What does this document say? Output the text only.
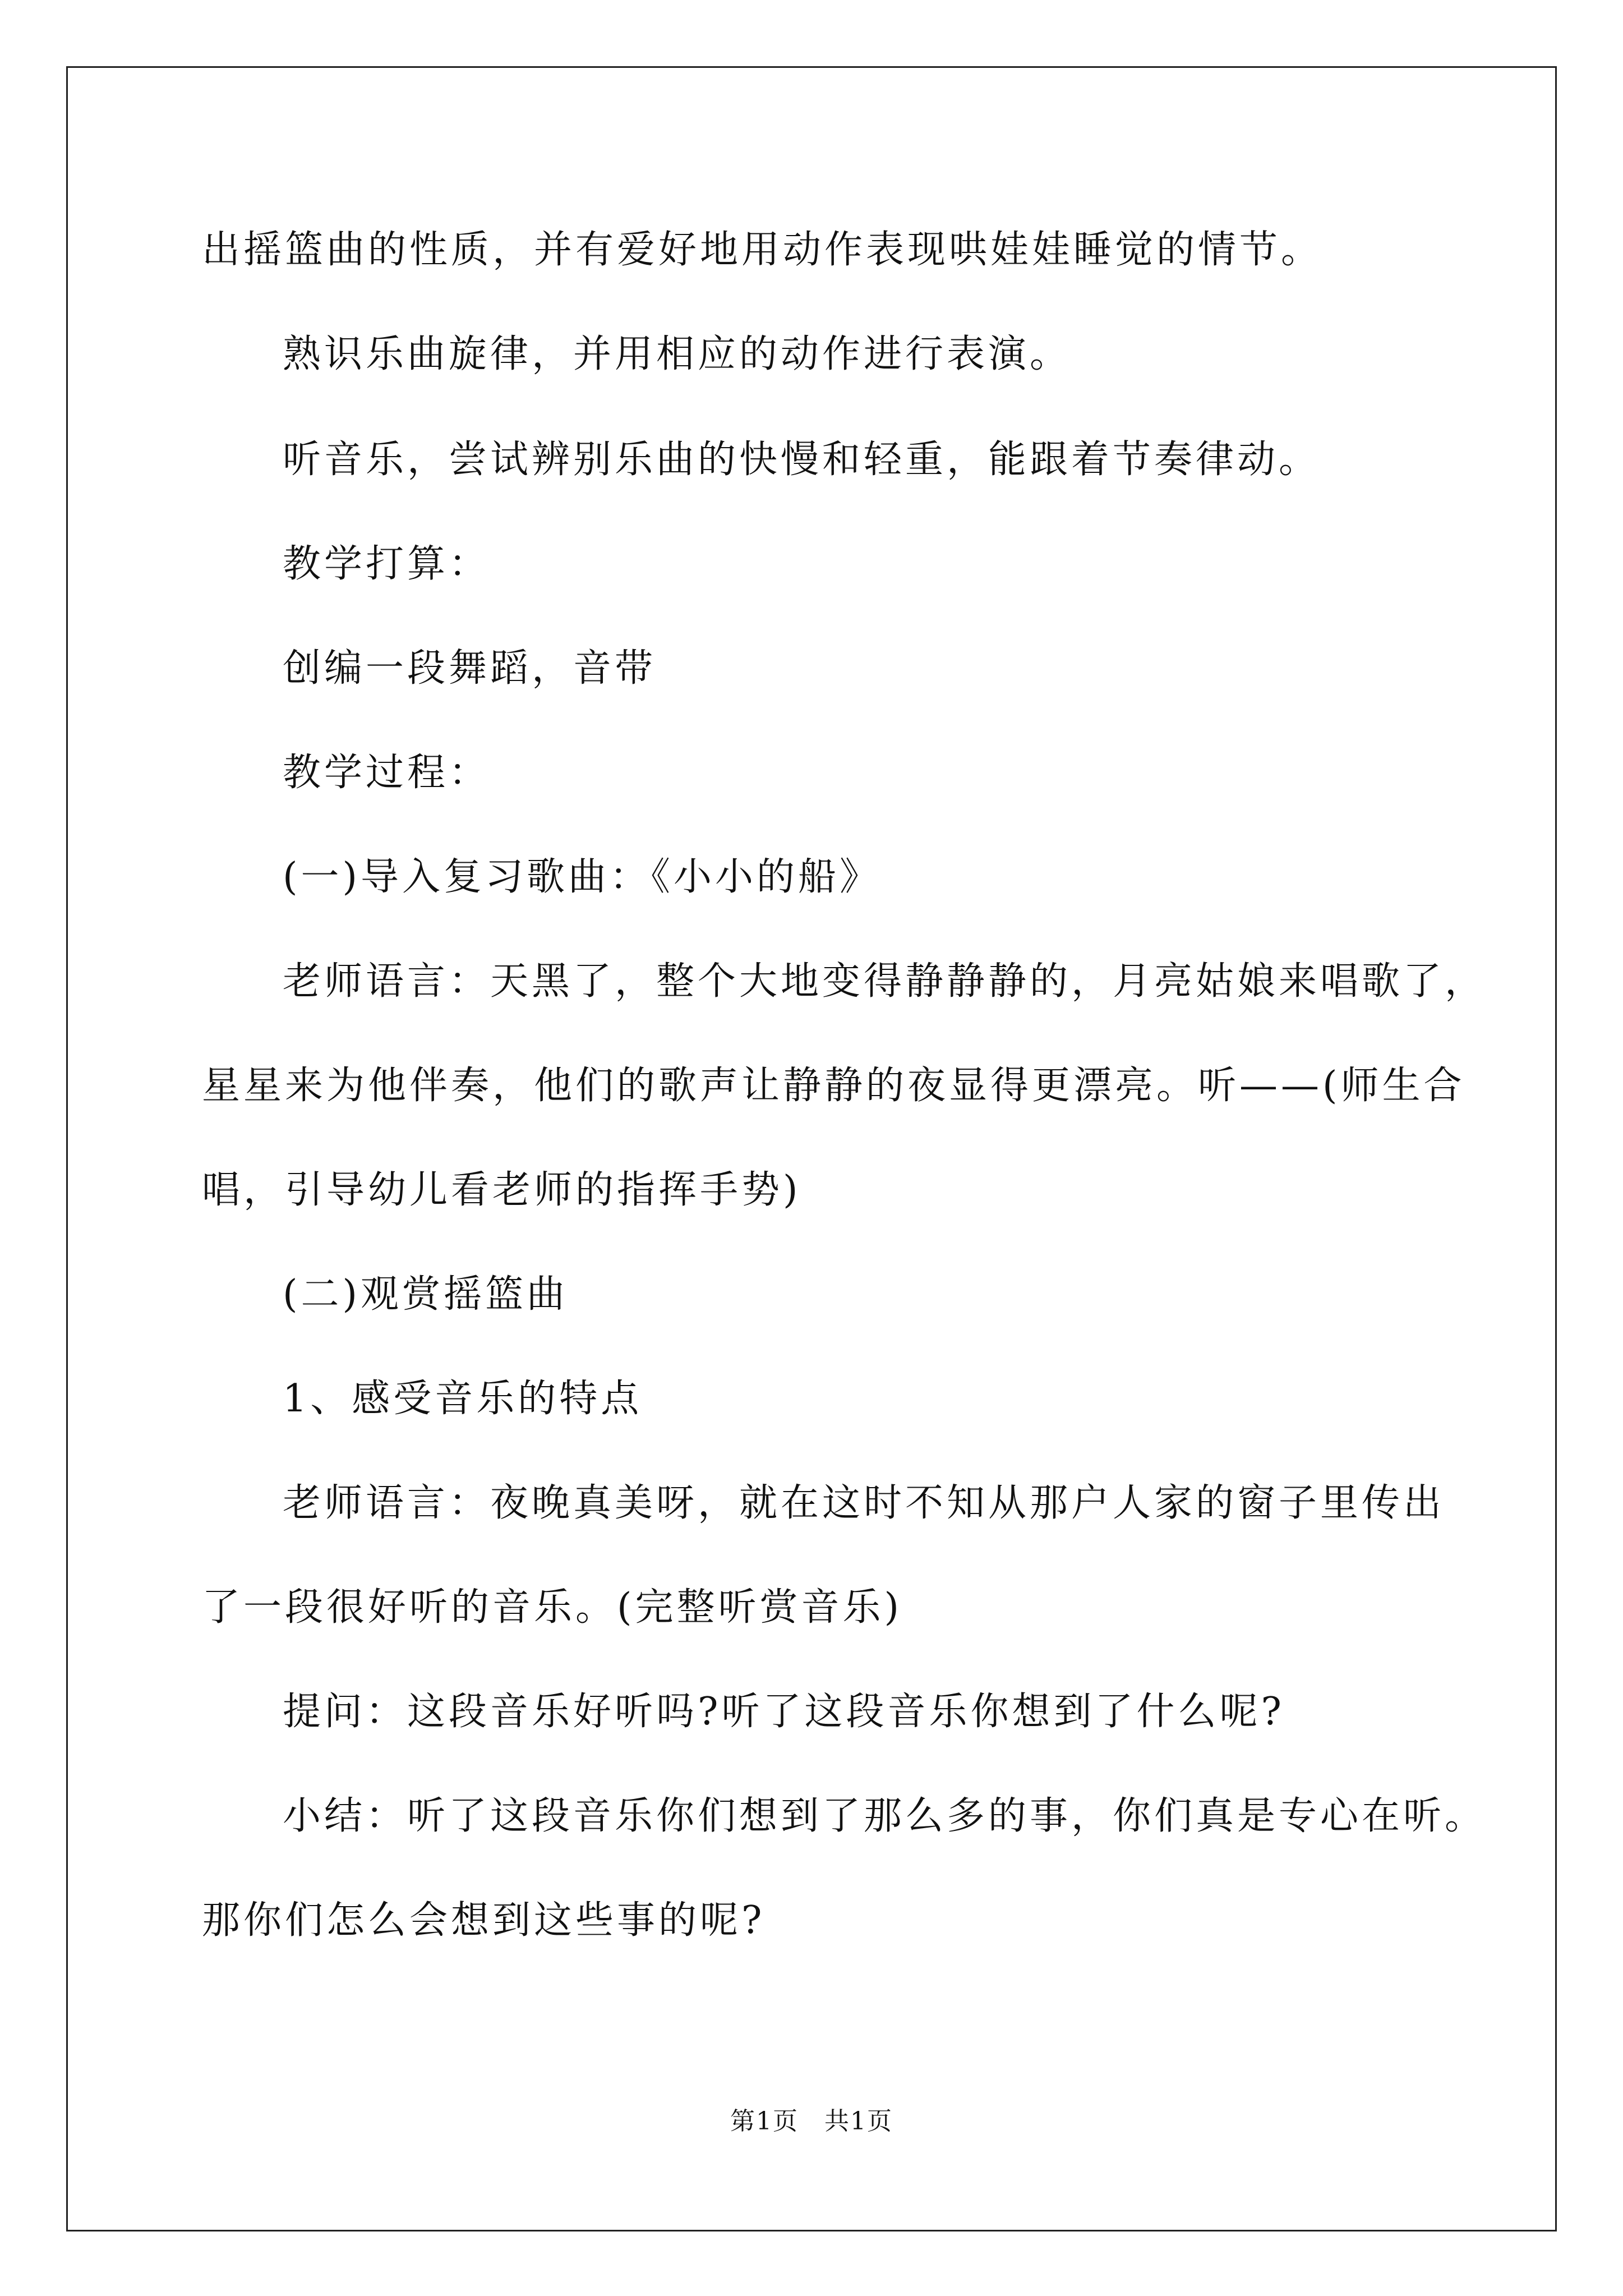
出摇篮曲的性质，并有爱好地用动作表现哄娃娃睡觉的情节。
熟识乐曲旋律，并用相应的动作进行表演。
听音乐，尝试辨别乐曲的快慢和轻重，能跟着节奏律动。
教学打算：
创编一段舞蹈，音带
教学过程：
(一)导入复习歌曲：《小小的船》
老师语言：天黑了，整个大地变得静静静的，月亮姑娘来唱歌了，
星星来为他伴奏，他们的歌声让静静的夜显得更漂亮。听——(师生合
唱，引导幼儿看老师的指挥手势)
(二)观赏摇篮曲
1、感受音乐的特点
老师语言：夜晚真美呀，就在这时不知从那户人家的窗子里传出
了一段很好听的音乐。(完整听赏音乐)
提问：这段音乐好听吗?听了这段音乐你想到了什么呢?
小结：听了这段音乐你们想到了那么多的事，你们真是专心在听。
那你们怎么会想到这些事的呢?
第1页 共1页
